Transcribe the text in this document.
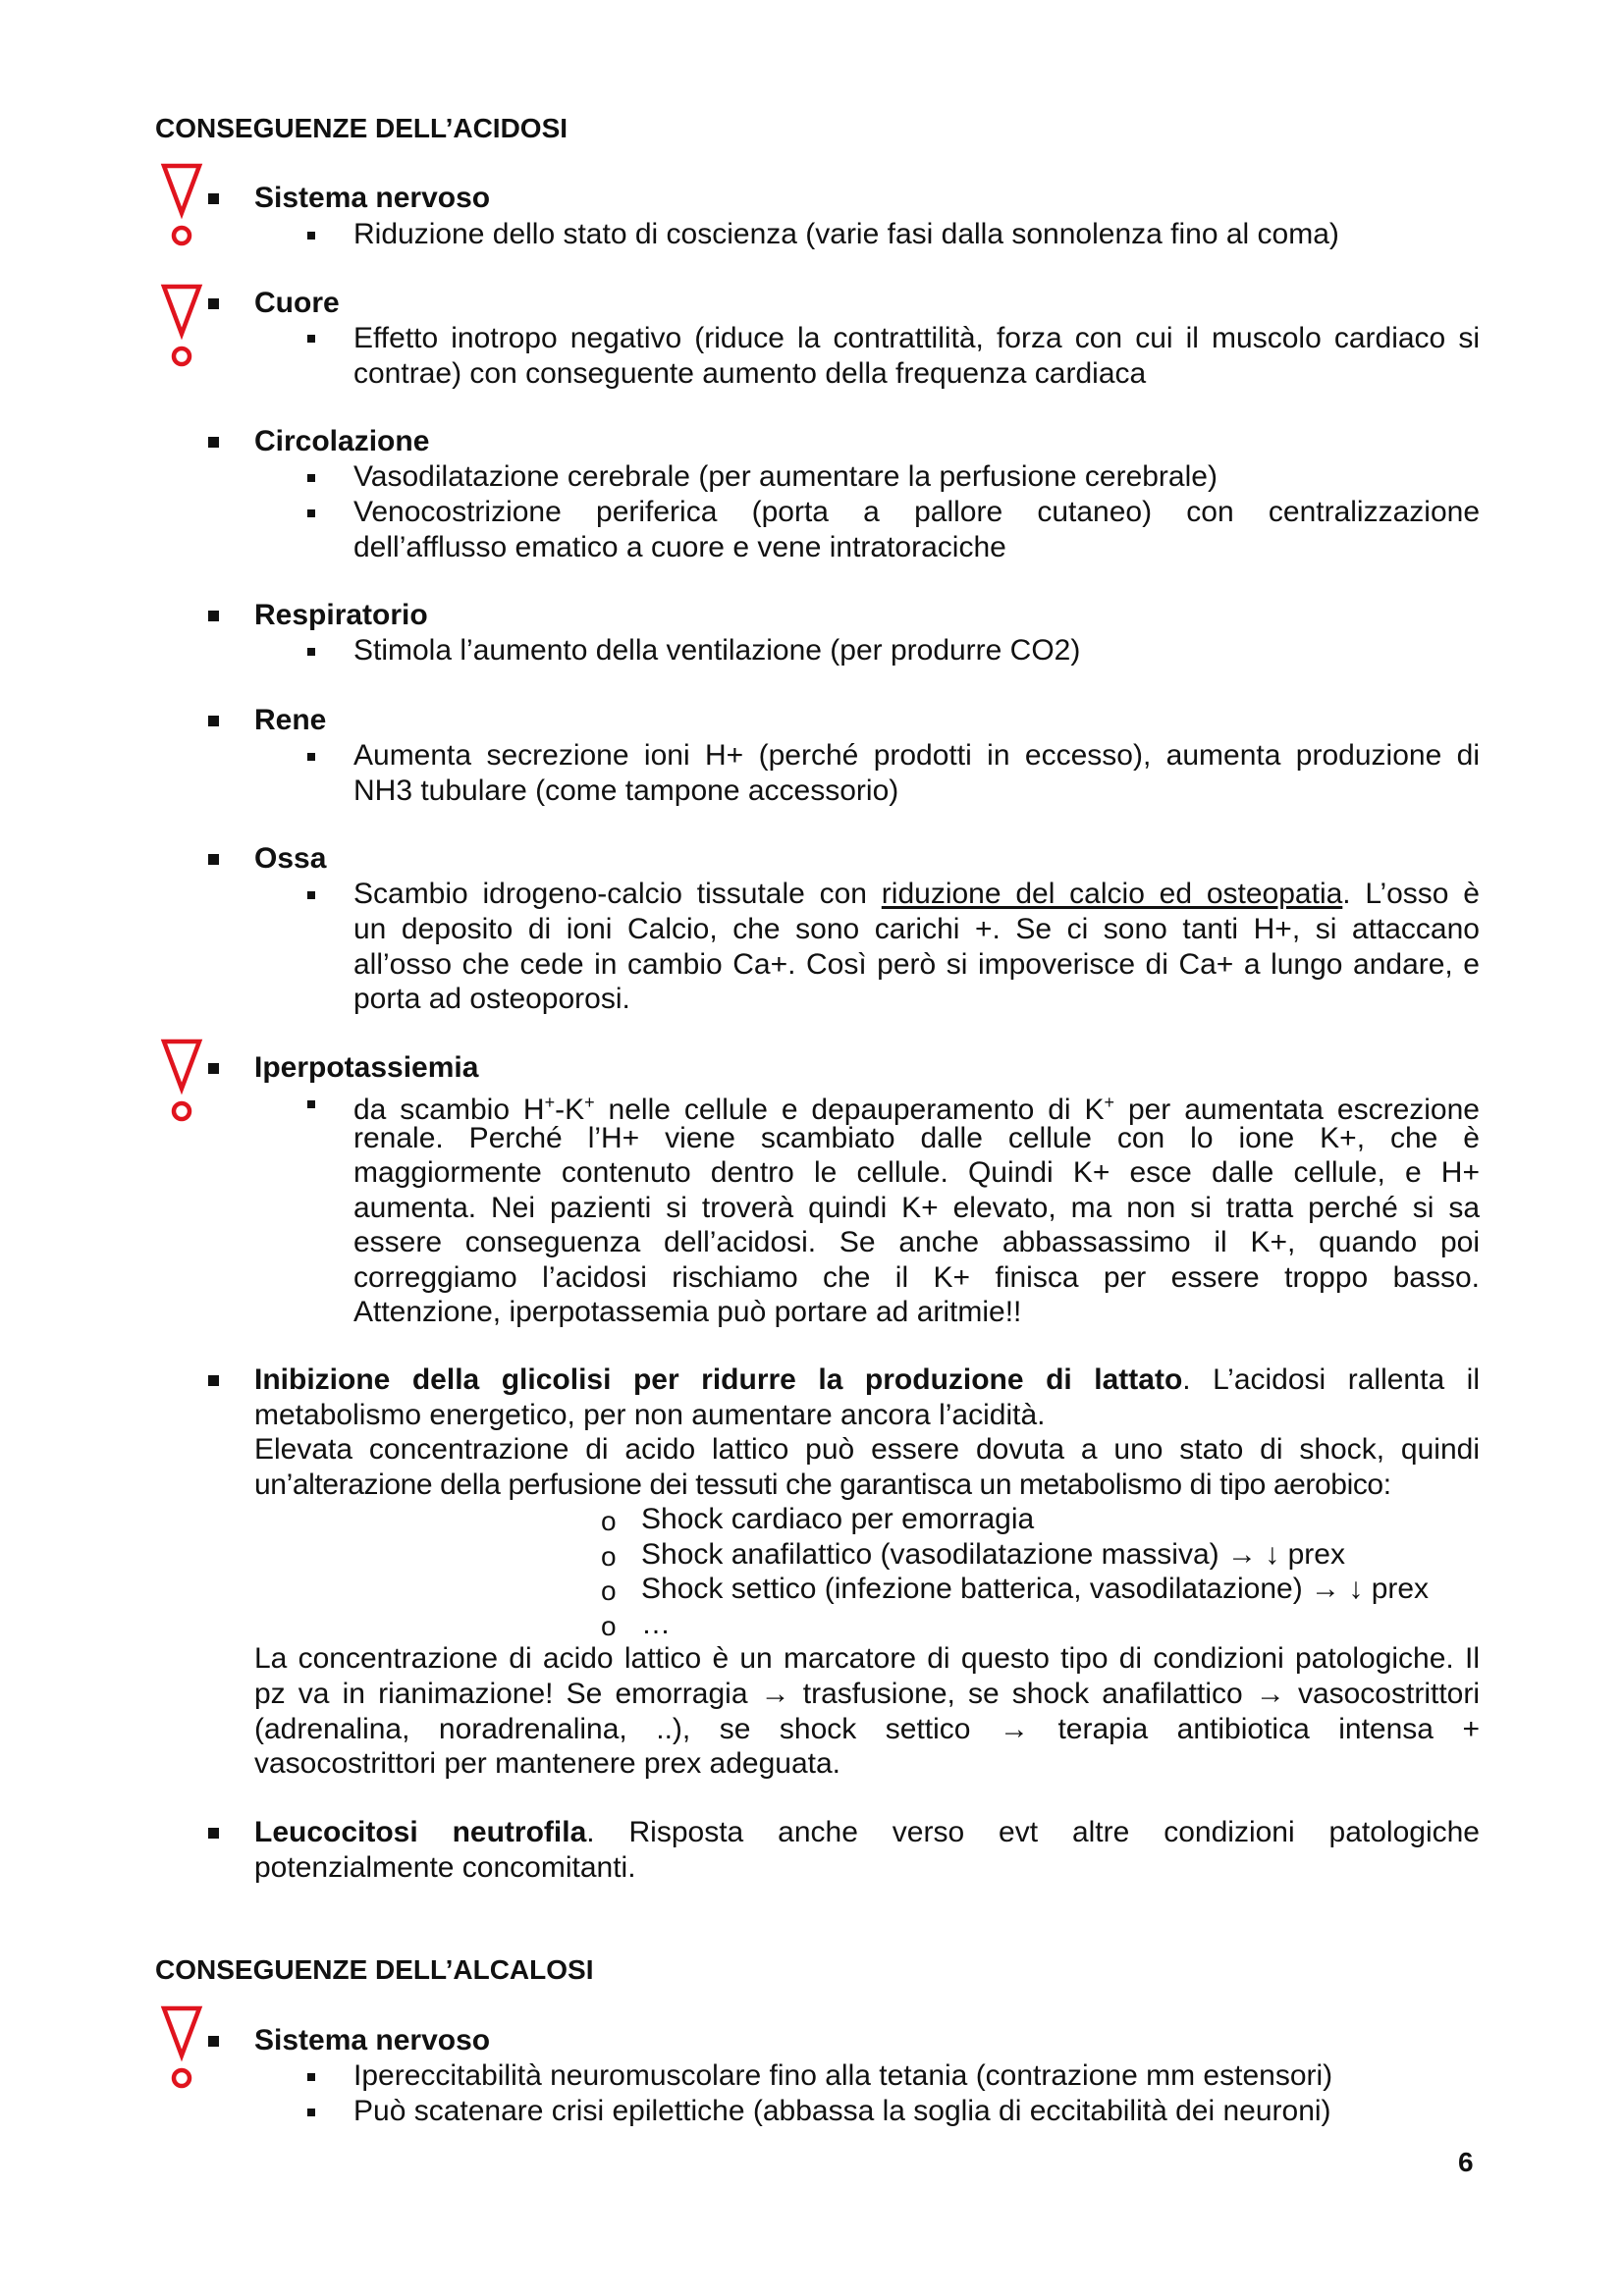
CONSEGUENZE DELL’ACIDOSI
Sistema nervoso
Riduzione dello stato di coscienza (varie fasi dalla sonnolenza fino al coma)
Cuore
Effetto inotropo negativo (riduce la contrattilità, forza con cui il muscolo cardiaco si
contrae) con conseguente aumento della frequenza cardiaca
Circolazione
Vasodilatazione cerebrale (per aumentare la perfusione cerebrale)
Venocostrizione periferica (porta a pallore cutaneo) con centralizzazione
dell’afflusso ematico a cuore e vene intratoraciche
Respiratorio
Stimola l’aumento della ventilazione (per produrre CO2)
Rene
Aumenta secrezione ioni H+ (perché prodotti in eccesso), aumenta produzione di
NH3 tubulare (come tampone accessorio)
Ossa
Scambio idrogeno-calcio tissutale con riduzione del calcio ed osteopatia. L’osso è
un deposito di ioni Calcio, che sono carichi +. Se ci sono tanti H+, si attaccano
all’osso che cede in cambio Ca+. Così però si impoverisce di Ca+ a lungo andare, e
porta ad osteoporosi.
Iperpotassiemia
da scambio H+-K+ nelle cellule e depauperamento di K+ per aumentata escrezione
renale. Perché l’H+ viene scambiato dalle cellule con lo ione K+, che è
maggiormente contenuto dentro le cellule. Quindi K+ esce dalle cellule, e H+
aumenta. Nei pazienti si troverà quindi K+ elevato, ma non si tratta perché si sa
essere conseguenza dell’acidosi. Se anche abbassassimo il K+, quando poi
correggiamo l’acidosi rischiamo che il K+ finisca per essere troppo basso.
Attenzione, iperpotassemia può portare ad aritmie!!
Inibizione della glicolisi per ridurre la produzione di lattato. L’acidosi rallenta il
metabolismo energetico, per non aumentare ancora l’acidità.
Elevata concentrazione di acido lattico può essere dovuta a uno stato di shock, quindi
un’alterazione della perfusione dei tessuti che garantisca un metabolismo di tipo aerobico:
o Shock cardiaco per emorragia
o Shock anafilattico (vasodilatazione massiva) → ↓ prex
o Shock settico (infezione batterica, vasodilatazione) → ↓ prex
o …
La concentrazione di acido lattico è un marcatore di questo tipo di condizioni patologiche. Il
pz va in rianimazione! Se emorragia → trasfusione, se shock anafilattico → vasocostrittori
(adrenalina, noradrenalina, ..), se shock settico → terapia antibiotica intensa +
vasocostrittori per mantenere prex adeguata.
Leucocitosi neutrofila. Risposta anche verso evt altre condizioni patologiche
potenzialmente concomitanti.
CONSEGUENZE DELL’ALCALOSI
Sistema nervoso
Ipereccitabilità neuromuscolare fino alla tetania (contrazione mm estensori)
Può scatenare crisi epilettiche (abbassa la soglia di eccitabilità dei neuroni)
6
